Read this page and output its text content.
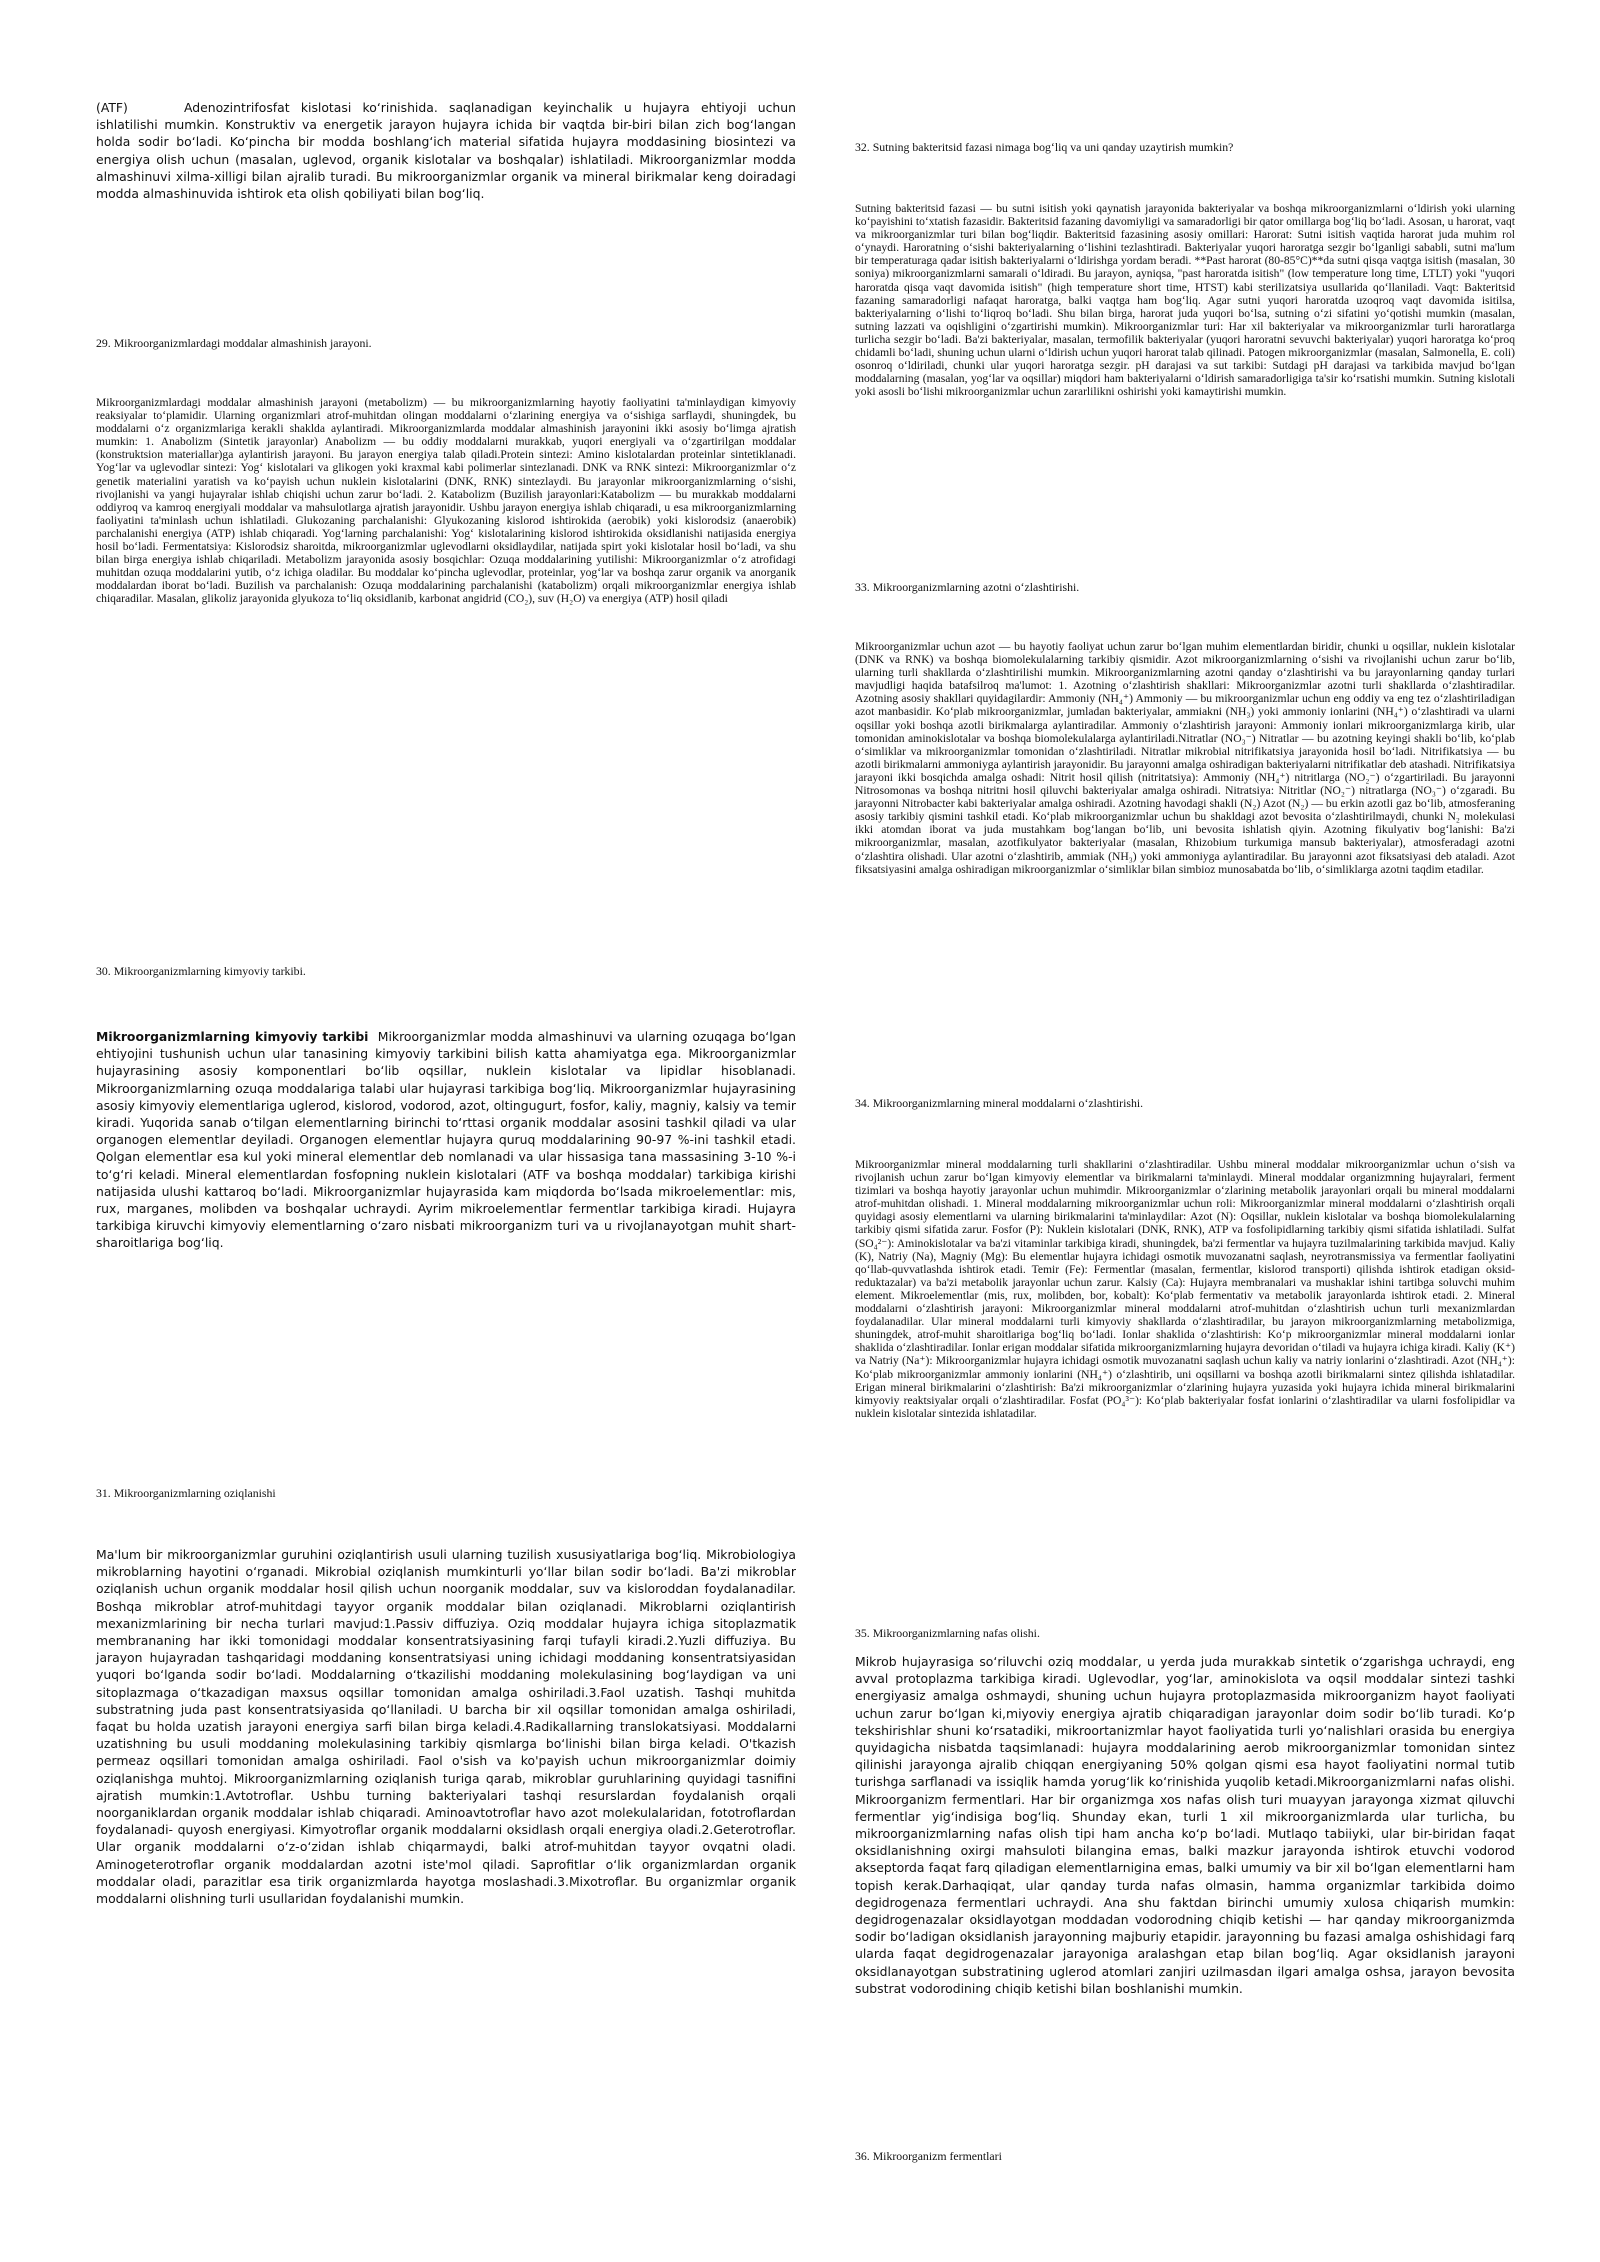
(ATF)	Adenozintrifosfat kislotasi ko‘rinishida. saqlanadigan keyinchalik u hujayra ehtiyoji uchun ishlatilishi mumkin. Konstruktiv va energetik jarayon hujayra ichida bir vaqtda bir-biri bilan zich bog‘langan holda sodir bo‘ladi. Ko‘pincha bir modda boshlang‘ich material sifatida hujayra moddasining biosintezi va energiya olish uchun (masalan, uglevod, organik kislotalar va boshqalar) ishlatiladi. Mikroorganizmlar modda almashinuvi xilma-xilligi bilan ajralib turadi. Bu mikroorganizmlar organik va mineral birikmalar keng doiradagi modda almashinuvida ishtirok eta olish qobiliyati bilan bog‘liq.

29. Mikroorganizmlardagi moddalar almashinish jarayoni.

Mikroorganizmlardagi moddalar almashinish jarayoni (metabolizm) — bu mikroorganizmlarning hayotiy faoliyatini ta'minlaydigan kimyoviy reaksiyalar to‘plamidir. Ularning organizmlari atrof-muhitdan olingan moddalarni o‘zlarining energiya va o‘sishiga sarflaydi, shuningdek, bu moddalarni o‘z organizmlariga kerakli shaklda aylantiradi. Mikroorganizmlarda moddalar almashinish jarayonini ikki asosiy bo‘limga ajratish mumkin: 1. Anabolizm (Sintetik jarayonlar) Anabolizm — bu oddiy moddalarni murakkab, yuqori energiyali va o‘zgartirilgan moddalar (konstruktsion materiallar)ga aylantirish jarayoni. Bu jarayon energiya talab qiladi.Protein sintezi: Amino kislotalardan proteinlar sintetiklanadi. Yog‘lar va uglevodlar sintezi: Yog‘ kislotalari va glikogen yoki kraxmal kabi polimerlar sintezlanadi. DNK va RNK sintezi: Mikroorganizmlar o‘z genetik materialini yaratish va ko‘payish uchun nuklein kislotalarini (DNK, RNK) sintezlaydi. Bu jarayonlar mikroorganizmlarning o‘sishi, rivojlanishi va yangi hujayralar ishlab chiqishi uchun zarur bo‘ladi. 2. Katabolizm (Buzilish jarayonlari:Katabolizm — bu murakkab moddalarni oddiyroq va kamroq energiyali moddalar va mahsulotlarga ajratish jarayonidir. Ushbu jarayon energiya ishlab chiqaradi, u esa mikroorganizmlarning faoliyatini ta'minlash uchun ishlatiladi. Glukozaning parchalanishi: Glyukozaning kislorod ishtirokida (aerobik) yoki kislorodsiz (anaerobik) parchalanishi energiya (ATP) ishlab chiqaradi. Yog‘larning parchalanishi: Yog‘ kislotalarining kislorod ishtirokida oksidlanishi natijasida energiya hosil bo‘ladi. Fermentatsiya: Kislorodsiz sharoitda, mikroorganizmlar uglevodlarni oksidlaydilar, natijada spirt yoki kislotalar hosil bo‘ladi, va shu bilan birga energiya ishlab chiqariladi. Metabolizm jarayonida asosiy bosqichlar: Ozuqa moddalarining yutilishi: Mikroorganizmlar o‘z atrofidagi muhitdan ozuqa moddalarini yutib, o‘z ichiga oladilar. Bu moddalar ko‘pincha uglevodlar, proteinlar, yog‘lar va boshqa zarur organik va anorganik moddalardan iborat bo‘ladi. Buzilish va parchalanish: Ozuqa moddalarining parchalanishi (katabolizm) orqali mikroorganizmlar energiya ishlab chiqaradilar. Masalan, glikoliz jarayonida glyukoza to‘liq oksidlanib, karbonat angidrid (CO₂), suv (H₂O) va energiya (ATP) hosil qiladi

30. Mikroorganizmlarning kimyoviy tarkibi.

Mikroorganizmlarning kimyoviy tarkibi Mikroorganizmlar modda almashinuvi va ularning ozuqaga bo‘lgan ehtiyojini tushunish uchun ular tanasining kimyoviy tarkibini bilish katta ahamiyatga ega. Mikroorganizmlar hujayrasining asosiy komponentlari bo‘lib oqsillar, nuklein kislotalar va lipidlar hisoblanadi. Mikroorganizmlarning ozuqa moddalariga talabi ular hujayrasi tarkibiga bog‘liq. Mikroorganizmlar hujayrasining asosiy kimyoviy elementlariga uglerod, kislorod, vodorod, azot, oltingugurt, fosfor, kaliy, magniy, kalsiy va temir kiradi. Yuqorida sanab o‘tilgan elementlarning birinchi to‘rttasi organik moddalar asosini tashkil qiladi va ular organogen elementlar deyiladi. Organogen elementlar hujayra quruq moddalarining 90-97 %-ini tashkil etadi. Qolgan elementlar esa kul yoki mineral elementlar deb nomlanadi va ular hissasiga tana massasining 3-10 %-i to‘g‘ri keladi. Mineral elementlardan fosfopning nuklein kislotalari (ATF va boshqa moddalar) tarkibiga kirishi natijasida ulushi kattaroq bo‘ladi. Mikroorganizmlar hujayrasida kam miqdorda bo‘lsada mikroelementlar: mis, rux, marganes, molibden va boshqalar uchraydi. Ayrim mikroelementlar fermentlar tarkibiga kiradi. Hujayra tarkibiga kiruvchi kimyoviy elementlarning o‘zaro nisbati mikroorganizm turi va u rivojlanayotgan muhit shart-sharoitlariga bog‘liq.

31. Mikroorganizmlarning oziqlanishi

Ma'lum bir mikroorganizmlar guruhini oziqlantirish usuli ularning tuzilish xususiyatlariga bog‘liq. Mikrobiologiya mikroblarning hayotini o‘rganadi. Mikrobial oziqlanish mumkinturli yo‘llar bilan sodir bo‘ladi. Ba'zi mikroblar oziqlanish uchun organik moddalar hosil qilish uchun noorganik moddalar, suv va kisloroddan foydalanadilar. Boshqa mikroblar atrof-muhitdagi tayyor organik moddalar bilan oziqlanadi. Mikroblarni oziqlantirish mexanizmlarining bir necha turlari mavjud:1.Passiv diffuziya. Oziq moddalar hujayra ichiga sitoplazmatik membrananing har ikki tomonidagi moddalar konsentratsiyasining farqi tufayli kiradi.2.Yuzli diffuziya. Bu jarayon hujayradan tashqaridagi moddaning konsentratsiyasi uning ichidagi moddaning konsentratsiyasidan yuqori bo‘lganda sodir bo‘ladi. Moddalarning o‘tkazilishi moddaning molekulasining bog‘laydigan va uni sitoplazmaga o‘tkazadigan maxsus oqsillar tomonidan amalga oshiriladi.3.Faol uzatish. Tashqi muhitda substratning juda past konsentratsiyasida qo‘llaniladi. U barcha bir xil oqsillar tomonidan amalga oshiriladi, faqat bu holda uzatish jarayoni energiya sarfi bilan birga keladi.4.Radikallarning translokatsiyasi. Moddalarni uzatishning bu usuli moddaning molekulasining tarkibiy qismlarga bo‘linishi bilan birga keladi. O'tkazish permeaz oqsillari tomonidan amalga oshiriladi. Faol o'sish va ko'payish uchun mikroorganizmlar doimiy oziqlanishga muhtoj. Mikroorganizmlarning oziqlanish turiga qarab, mikroblar guruhlarining quyidagi tasnifini ajratish mumkin:1.Avtotroflar. Ushbu turning bakteriyalari tashqi resurslardan foydalanish orqali noorganiklardan organik moddalar ishlab chiqaradi. Aminoavtotroflar havo azot molekulalaridan, fototroflardan foydalanadi- quyosh energiyasi. Kimyotroflar organik moddalarni oksidlash orqali energiya oladi.2.Geterotroflar. Ular organik moddalarni o‘z-o‘zidan ishlab chiqarmaydi, balki atrof-muhitdan tayyor ovqatni oladi. Aminogeterotroflar organik moddalardan azotni iste'mol qiladi. Saprofitlar o‘lik organizmlardan organik moddalar oladi, parazitlar esa tirik organizmlarda hayotga moslashadi.3.Mixotroflar. Bu organizmlar organik moddalarni olishning turli usullaridan foydalanishi mumkin.

32. Sutning bakteritsid fazasi nimaga bog‘liq va uni qanday uzaytirish mumkin?

Sutning bakteritsid fazasi — bu sutni isitish yoki qaynatish jarayonida bakteriyalar va boshqa mikroorganizmlarni o‘ldirish yoki ularning ko‘payishini to‘xtatish fazasidir. Bakteritsid fazaning davomiyligi va samaradorligi bir qator omillarga bog‘liq bo‘ladi. Asosan, u harorat, vaqt va mikroorganizmlar turi bilan bog‘liqdir. Bakteritsid fazasining asosiy omillari: Harorat: Sutni isitish vaqtida harorat juda muhim rol o‘ynaydi. Haroratning o‘sishi bakteriyalarning o‘lishini tezlashtiradi. Bakteriyalar yuqori haroratga sezgir bo‘lganligi sababli, sutni ma'lum bir temperaturaga qadar isitish bakteriyalarni o‘ldirishga yordam beradi. **Past harorat (80-85°C)**da sutni qisqa vaqtga isitish (masalan, 30 soniya) mikroorganizmlarni samarali o‘ldiradi. Bu jarayon, ayniqsa, "past haroratda isitish" (low temperature long time, LTLT) yoki "yuqori haroratda qisqa vaqt davomida isitish" (high temperature short time, HTST) kabi sterilizatsiya usullarida qo‘llaniladi. Vaqt: Bakteritsid fazaning samaradorligi nafaqat haroratga, balki vaqtga ham bog‘liq. Agar sutni yuqori haroratda uzoqroq vaqt davomida isitilsa, bakteriyalarning o‘lishi to‘liqroq bo‘ladi. Shu bilan birga, harorat juda yuqori bo‘lsa, sutning o‘zi sifatini yo‘qotishi mumkin (masalan, sutning lazzati va oqishligini o‘zgartirishi mumkin). Mikroorganizmlar turi: Har xil bakteriyalar va mikroorganizmlar turli haroratlarga turlicha sezgir bo‘ladi. Ba'zi bakteriyalar, masalan, termofilik bakteriyalar (yuqori haroratni sevuvchi bakteriyalar) yuqori haroratga ko‘proq chidamli bo‘ladi, shuning uchun ularni o‘ldirish uchun yuqori harorat talab qilinadi. Patogen mikroorganizmlar (masalan, Salmonella, E. coli) osonroq o‘ldiriladi, chunki ular yuqori haroratga sezgir. pH darajasi va sut tarkibi: Sutdagi pH darajasi va tarkibida mavjud bo‘lgan moddalarning (masalan, yog‘lar va oqsillar) miqdori ham bakteriyalarni o‘ldirish samaradorligiga ta'sir ko‘rsatishi mumkin. Sutning kislotali yoki asosli bo‘lishi mikroorganizmlar uchun zararlilikni oshirishi yoki kamaytirishi mumkin.

33. Mikroorganizmlarning azotni o‘zlashtirishi.

Mikroorganizmlar uchun azot — bu hayotiy faoliyat uchun zarur bo‘lgan muhim elementlardan biridir, chunki u oqsillar, nuklein kislotalar (DNK va RNK) va boshqa biomolekulalarning tarkibiy qismidir. Azot mikroorganizmlarning o‘sishi va rivojlanishi uchun zarur bo‘lib, ularning turli shakllarda o‘zlashtirilishi mumkin. Mikroorganizmlarning azotni qanday o‘zlashtirishi va bu jarayonlarning qanday turlari mavjudligi haqida batafsilroq ma'lumot: 1. Azotning o‘zlashtirish shakllari: Mikroorganizmlar azotni turli shakllarda o‘zlashtiradilar. Azotning asosiy shakllari quyidagilardir: Ammoniy (NH₄⁺) Ammoniy — bu mikroorganizmlar uchun eng oddiy va eng tez o‘zlashtiriladigan azot manbasidir. Ko‘plab mikroorganizmlar, jumladan bakteriyalar, ammiakni (NH₃) yoki ammoniy ionlarini (NH₄⁺) o‘zlashtiradi va ularni oqsillar yoki boshqa azotli birikmalarga aylantiradilar. Ammoniy o‘zlashtirish jarayoni: Ammoniy ionlari mikroorganizmlarga kirib, ular tomonidan aminokislotalar va boshqa biomolekulalarga aylantiriladi.Nitratlar (NO₃⁻) Nitratlar — bu azotning keyingi shakli bo‘lib, ko‘plab o‘simliklar va mikroorganizmlar tomonidan o‘zlashtiriladi. Nitratlar mikrobial nitrifikatsiya jarayonida hosil bo‘ladi. Nitrifikatsiya — bu azotli birikmalarni ammoniyga aylantirish jarayonidir. Bu jarayonni amalga oshiradigan bakteriyalarni nitrifikatlar deb atashadi. Nitrifikatsiya jarayoni ikki bosqichda amalga oshadi: Nitrit hosil qilish (nitritatsiya): Ammoniy (NH₄⁺) nitritlarga (NO₂⁻) o‘zgartiriladi. Bu jarayonni Nitrosomonas va boshqa nitritni hosil qiluvchi bakteriyalar amalga oshiradi. Nitratsiya: Nitritlar (NO₂⁻) nitratlarga (NO₃⁻) o‘zgaradi. Bu jarayonni Nitrobacter kabi bakteriyalar amalga oshiradi. Azotning havodagi shakli (N₂) Azot (N₂) — bu erkin azotli gaz bo‘lib, atmosferaning asosiy tarkibiy qismini tashkil etadi. Ko‘plab mikroorganizmlar uchun bu shakldagi azot bevosita o‘zlashtirilmaydi, chunki N₂ molekulasi ikki atomdan iborat va juda mustahkam bog‘langan bo‘lib, uni bevosita ishlatish qiyin. Azotning fikulyativ bog‘lanishi: Ba'zi mikroorganizmlar, masalan, azotfikulyator bakteriyalar (masalan, Rhizobium turkumiga mansub bakteriyalar), atmosferadagi azotni o‘zlashtira olishadi. Ular azotni o‘zlashtirib, ammiak (NH₃) yoki ammoniyga aylantiradilar. Bu jarayonni azot fiksatsiyasi deb ataladi. Azot fiksatsiyasini amalga oshiradigan mikroorganizmlar o‘simliklar bilan simbioz munosabatda bo‘lib, o‘simliklarga azotni taqdim etadilar.

34. Mikroorganizmlarning mineral moddalarni o‘zlashtirishi.

Mikroorganizmlar mineral moddalarning turli shakllarini o‘zlashtiradilar. Ushbu mineral moddalar mikroorganizmlar uchun o‘sish va rivojlanish uchun zarur bo‘lgan kimyoviy elementlar va birikmalarni ta'minlaydi. Mineral moddalar organizmning hujayralari, ferment tizimlari va boshqa hayotiy jarayonlar uchun muhimdir. Mikroorganizmlar o‘zlarining metabolik jarayonlari orqali bu mineral moddalarni atrof-muhitdan olishadi. 1. Mineral moddalarning mikroorganizmlar uchun roli: Mikroorganizmlar mineral moddalarni o‘zlashtirish orqali quyidagi asosiy elementlarni va ularning birikmalarini ta'minlaydilar: Azot (N): Oqsillar, nuklein kislotalar va boshqa biomolekulalarning tarkibiy qismi sifatida zarur. Fosfor (P): Nuklein kislotalari (DNK, RNK), ATP va fosfolipidlarning tarkibiy qismi sifatida ishlatiladi. Sulfat (SO₄²⁻): Aminokislotalar va ba'zi vitaminlar tarkibiga kiradi, shuningdek, ba'zi fermentlar va hujayra tuzilmalarining tarkibida mavjud. Kaliy (K), Natriy (Na), Magniy (Mg): Bu elementlar hujayra ichidagi osmotik muvozanatni saqlash, neyrotransmissiya va fermentlar faoliyatini qo‘llab-quvvatlashda ishtirok etadi. Temir (Fe): Fermentlar (masalan, fermentlar, kislorod transporti) qilishda ishtirok etadigan oksid-reduktazalar) va ba'zi metabolik jarayonlar uchun zarur. Kalsiy (Ca): Hujayra membranalari va mushaklar ishini tartibga soluvchi muhim element. Mikroelementlar (mis, rux, molibden, bor, kobalt): Ko‘plab fermentativ va metabolik jarayonlarda ishtirok etadi. 2. Mineral moddalarni o‘zlashtirish jarayoni: Mikroorganizmlar mineral moddalarni atrof-muhitdan o‘zlashtirish uchun turli mexanizmlardan foydalanadilar. Ular mineral moddalarni turli kimyoviy shakllarda o‘zlashtiradilar, bu jarayon mikroorganizmlarning metabolizmiga, shuningdek, atrof-muhit sharoitlariga bog‘liq bo‘ladi. Ionlar shaklida o‘zlashtirish: Ko‘p mikroorganizmlar mineral moddalarni ionlar shaklida o‘zlashtiradilar. Ionlar erigan moddalar sifatida mikroorganizmlarning hujayra devoridan o‘tiladi va hujayra ichiga kiradi. Kaliy (K⁺) va Natriy (Na⁺): Mikroorganizmlar hujayra ichidagi osmotik muvozanatni saqlash uchun kaliy va natriy ionlarini o‘zlashtiradi. Azot (NH₄⁺): Ko‘plab mikroorganizmlar ammoniy ionlarini (NH₄⁺) o‘zlashtirib, uni oqsillarni va boshqa azotli birikmalarni sintez qilishda ishlatadilar. Erigan mineral birikmalarini o‘zlashtirish: Ba'zi mikroorganizmlar o‘zlarining hujayra yuzasida yoki hujayra ichida mineral birikmalarini kimyoviy reaktsiyalar orqali o‘zlashtiradilar. Fosfat (PO₄³⁻): Ko‘plab bakteriyalar fosfat ionlarini o‘zlashtiradilar va ularni fosfolipidlar va nuklein kislotalar sintezida ishlatadilar.

35. Mikroorganizmlarning nafas olishi.

Mikrob hujayrasiga so‘riluvchi oziq moddalar, u yerda juda murakkab sintetik o‘zgarishga uchraydi, eng avval protoplazma tarkibiga kiradi. Uglevodlar, yog‘lar, aminokislota va oqsil moddalar sintezi tashki energiyasiz amalga oshmaydi, shuning uchun hujayra protoplazmasida mikroorganizm hayot faoliyati uchun zarur bo‘lgan ki,miyoviy energiya ajratib chiqaradigan jarayonlar doim sodir bo‘lib turadi. Ko‘p tekshirishlar shuni ko‘rsatadiki, mikroortanizmlar hayot faoliyatida turli yo‘nalishlari orasida bu energiya quyidagicha nisbatda taqsimlanadi: hujayra moddalarining aerob mikroorganizmlar tomonidan sintez qilinishi jarayonga ajralib chiqqan energiyaning 50% qolgan qismi esa hayot faoliyatini normal tutib turishga sarflanadi va issiqlik hamda yorug‘lik ko‘rinishida yuqolib ketadi.Mikroorganizmlarni nafas olishi. Mikroorganizm fermentlari. Har bir organizmga xos nafas olish turi muayyan jarayonga xizmat qiluvchi fermentlar yig‘indisiga bog‘liq. Shunday ekan, turli 1 xil mikroorganizmlarda ular turlicha, bu mikroorganizmlarning nafas olish tipi ham ancha ko‘p bo‘ladi. Mutlaqo tabiiyki, ular bir-biridan faqat oksidlanishning oxirgi mahsuloti bilangina emas, balki mazkur jarayonda ishtirok etuvchi vodorod akseptorda faqat farq qiladigan elementlarnigina emas, balki umumiy va bir xil bo‘lgan elementlarni ham topish kerak.Darhaqiqat, ular qanday turda nafas olmasin, hamma organizmlar tarkibida doimo degidrogenaza fermentlari uchraydi. Ana shu faktdan birinchi umumiy xulosa chiqarish mumkin: degidrogenazalar oksidlayotgan moddadan vodorodning chiqib ketishi — har qanday mikroorganizmda sodir bo‘ladigan oksidlanish jarayonning majburiy etapidir. jarayonning bu fazasi amalga oshishidagi farq ularda faqat degidrogenazalar jarayoniga aralashgan etap bilan bog‘liq. Agar oksidlanish jarayoni oksidlanayotgan substratining uglerod atomlari zanjiri uzilmasdan ilgari amalga oshsa, jarayon bevosita substrat vodorodining chiqib ketishi bilan boshlanishi mumkin.

36. Mikroorganizm fermentlari
